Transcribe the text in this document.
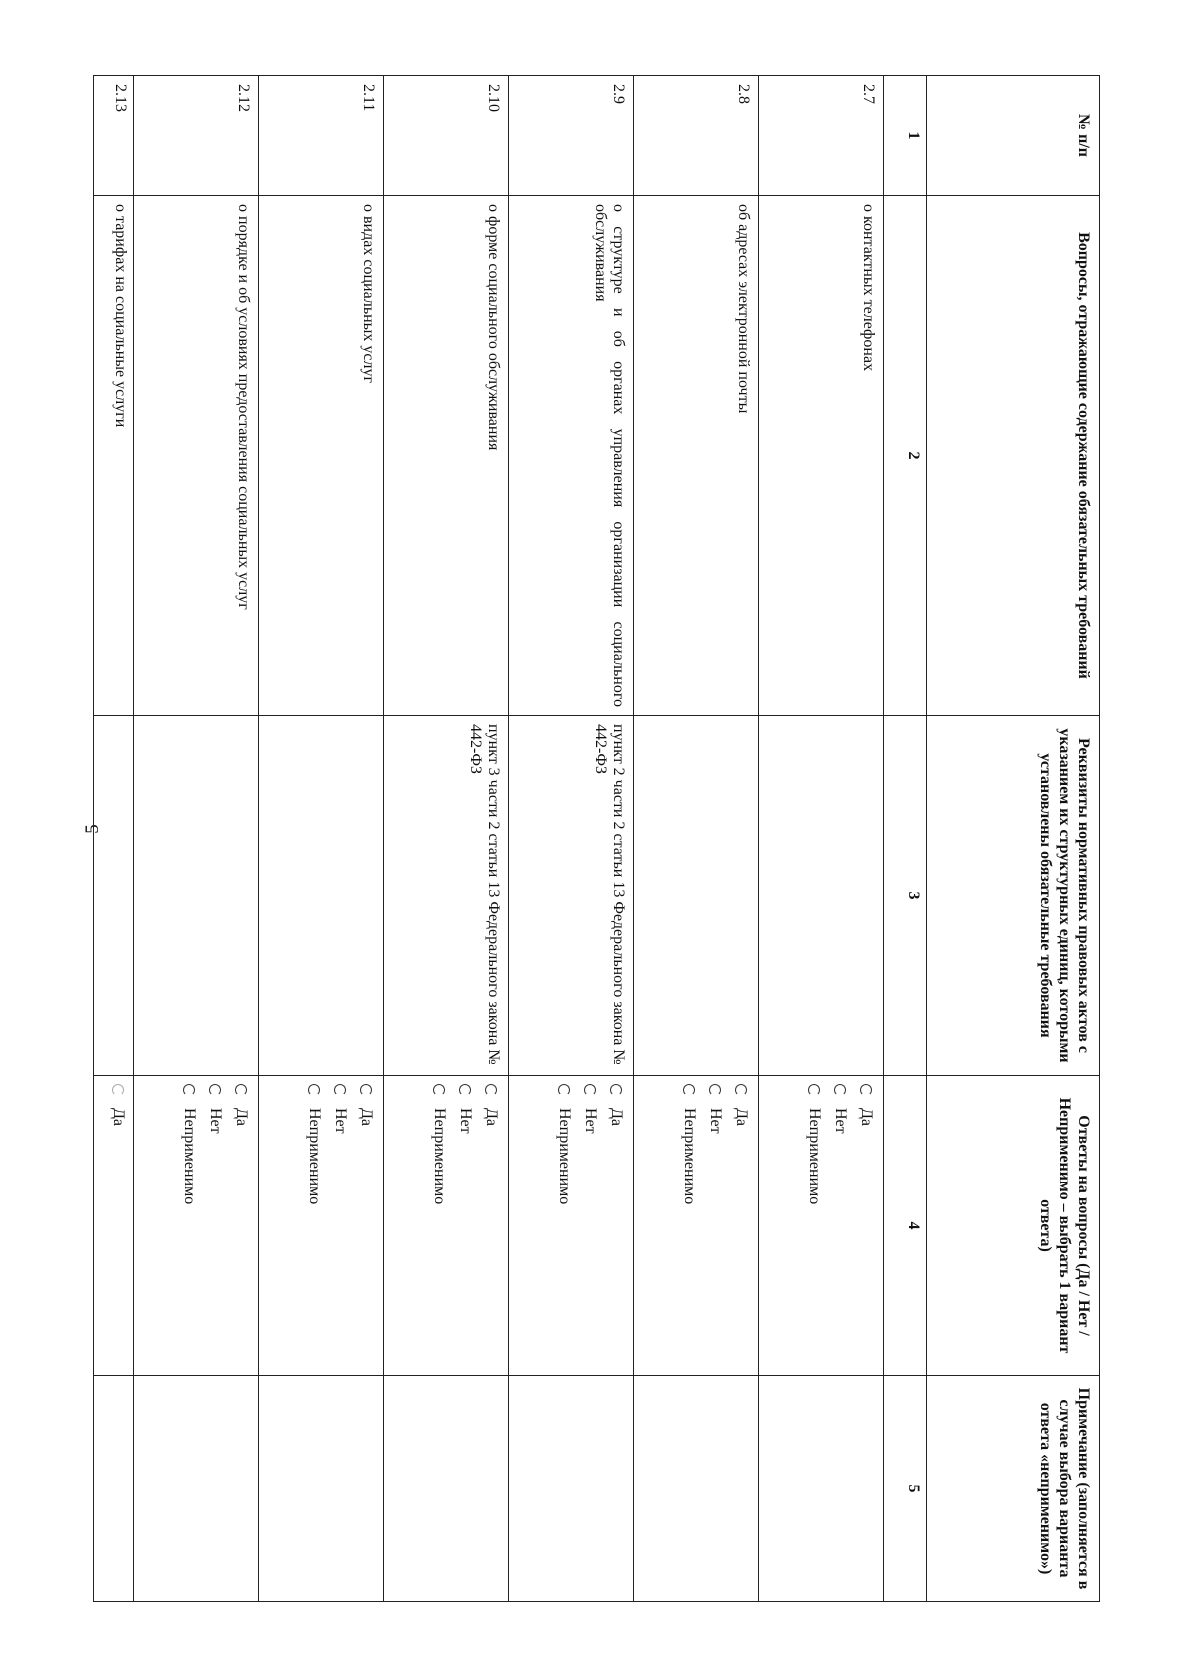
5
№ п/п	Вопросы, отражающие содержание обязательных требований	Реквизиты нормативных правовых актов с указанием их структурных единиц, которыми установлены обязательные требования	Ответы на вопросы (Да / Нет / Неприменимо – выбрать 1 вариант ответа)	Примечание (заполняется в случае выбора варианта ответа «неприменимо»)
1	2	3	4	5
2.7	о контактных телефонах		Да
Нет
Неприменимо	

2.8	об адресах электронной почты		Да
Нет
Неприменимо	

2.9	о структуре и об органах управления организации социального обслуживания	пункт 2 части 2 статьи 13 Федерального закона № 442-ФЗ	Да
Нет
Неприменимо	

2.10	о форме социального обслуживания	пункт 3 части 2 статьи 13 Федерального закона № 442-ФЗ	Да
Нет
Неприменимо	

2.11	о видах социальных услуг		Да
Нет
Неприменимо	

2.12	о порядке и об условиях предоставления социальных услуг		Да
Нет
Неприменимо	

2.13	о тарифах на социальные услуги		Да	
